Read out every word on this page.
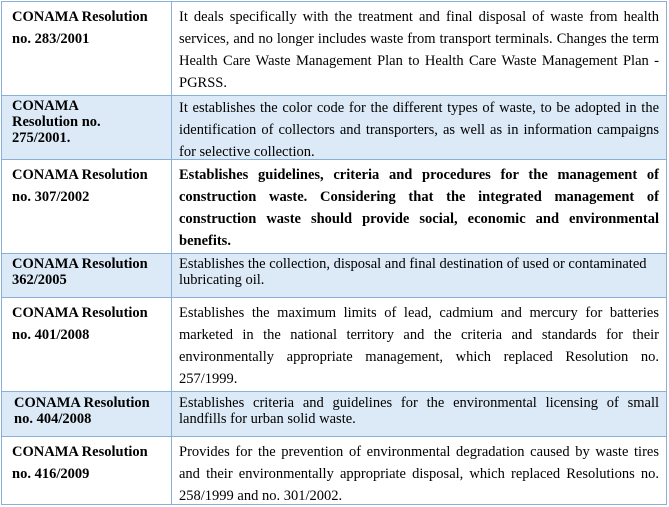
CONAMA Resolution no. 283/2001
It deals specifically with the treatment and final disposal of waste from health services, and no longer includes waste from transport terminals. Changes the term Health Care Waste Management Plan to Health Care Waste Management Plan - PGRSS.
CONAMA Resolution no. 275/2001.
It establishes the color code for the different types of waste, to be adopted in the identification of collectors and transporters, as well as in information campaigns for selective collection.
CONAMA Resolution no. 307/2002
Establishes guidelines, criteria and procedures for the management of construction waste. Considering that the integrated management of construction waste should provide social, economic and environmental benefits.
CONAMA Resolution 362/2005
Establishes the collection, disposal and final destination of used or contaminated lubricating oil.
CONAMA Resolution no. 401/2008
Establishes the maximum limits of lead, cadmium and mercury for batteries marketed in the national territory and the criteria and standards for their environmentally appropriate management, which replaced Resolution no. 257/1999.
CONAMA Resolution no. 404/2008
Establishes criteria and guidelines for the environmental licensing of small landfills for urban solid waste.
CONAMA Resolution no. 416/2009
Provides for the prevention of environmental degradation caused by waste tires and their environmentally appropriate disposal, which replaced Resolutions no. 258/1999 and no. 301/2002.
